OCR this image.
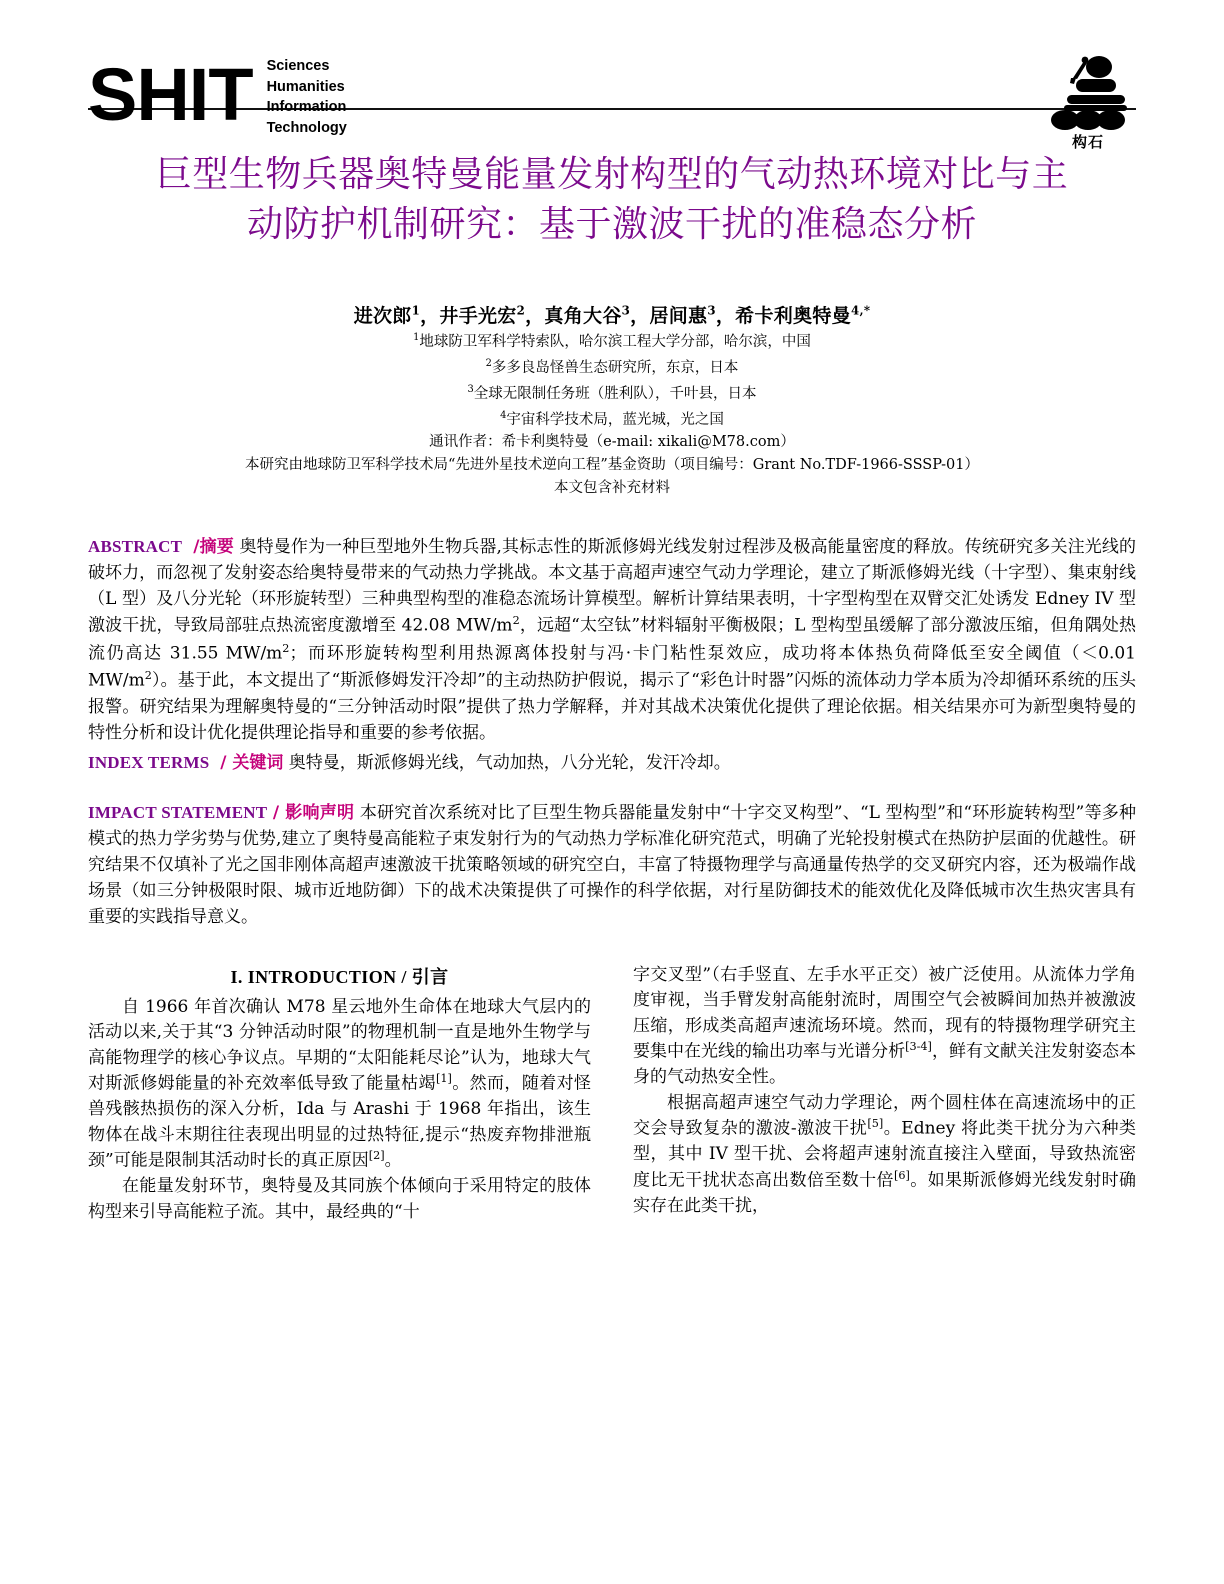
SHIT Sciences
Humanities
Information
Technology
构石
巨型生物兵器奥特曼能量发射构型的气动热环境对比与主动防护机制研究：基于激波干扰的准稳态分析
进次郎$^1$，井手光宏$^2$，真角大谷$^3$，居间惠$^3$，希卡利奥特曼$^{4,*}$
$^1$地球防卫军科学特索队，哈尔滨工程大学分部，哈尔滨，中国
$^2$多多良岛怪兽生态研究所，东京，日本
$^3$全球无限制任务班（胜利队），千叶县，日本
$^4$宇宙科学技术局，蓝光城，光之国
通讯作者：希卡利奥特曼（e-mail: xikali@M78.com）
本研究由地球防卫军科学技术局“先进外星技术逆向工程”基金资助（项目编号：Grant No.TDF-1966-SSSP-01）
本文包含补充材料

ABSTRACT /摘要 奥特曼作为一种巨型地外生物兵器,其标志性的斯派修姆光线发射过程涉及极高能量密度的释放。传统研究多关注光线的破坏力，而忽视了发射姿态给奥特曼带来的气动热力学挑战。本文基于高超声速空气动力学理论，建立了斯派修姆光线（十字型）、集束射线（L 型）及八分光轮（环形旋转型）三种典型构型的准稳态流场计算模型。解析计算结果表明，十字型构型在双臂交汇处诱发 Edney IV 型激波干扰，导致局部驻点热流密度激增至 42.08 $MW/m^2$，远超“太空钛”材料辐射平衡极限；L 型构型虽缓解了部分激波压缩，但角隅处热流仍高达 31.55 $MW/m^2$；而环形旋转构型利用热源离体投射与冯·卡门粘性泵效应，成功将本体热负荷降低至安全阈值（＜0.01 $MW/m^2$）。基于此，本文提出了“斯派修姆发汗冷却”的主动热防护假说，揭示了“彩色计时器”闪烁的流体动力学本质为冷却循环系统的压头报警。研究结果为理解奥特曼的“三分钟活动时限”提供了热力学解释，并对其战术决策优化提供了理论依据。相关结果亦可为新型奥特曼的特性分析和设计优化提供理论指导和重要的参考依据。

INDEX TERMS / 关键词 奥特曼，斯派修姆光线，气动加热，八分光轮，发汗冷却。

IMPACT STATEMENT / 影响声明 本研究首次系统对比了巨型生物兵器能量发射中“十字交叉构型”、“L 型构型”和“环形旋转构型”等多种模式的热力学劣势与优势,建立了奥特曼高能粒子束发射行为的气动热力学标准化研究范式，明确了光轮投射模式在热防护层面的优越性。研究结果不仅填补了光之国非刚体高超声速激波干扰策略领域的研究空白，丰富了特摄物理学与高通量传热学的交叉研究内容，还为极端作战场景（如三分钟极限时限、城市近地防御）下的战术决策提供了可操作的科学依据，对行星防御技术的能效优化及降低城市次生热灾害具有重要的实践指导意义。

I. INTRODUCTION / 引言

自 1966 年首次确认 M78 星云地外生命体在地球大气层内的活动以来,关于其“3 分钟活动时限”的物理机制一直是地外生物学与高能物理学的核心争议点。早期的“太阳能耗尽论”认为，地球大气对斯派修姆能量的补充效率低导致了能量枯竭[1]。然而，随着对怪兽残骸热损伤的深入分析，Ida 与 Arashi 于 1968 年指出，该生物体在战斗末期往往表现出明显的过热特征,提示“热废弃物排泄瓶颈”可能是限制其活动时长的真正原因[2]。

在能量发射环节，奥特曼及其同族个体倾向于采用特定的肢体构型来引导高能粒子流。其中，最经典的“十

字交叉型”（右手竖直、左手水平正交）被广泛使用。从流体力学角度审视，当手臂发射高能射流时，周围空气会被瞬间加热并被激波压缩，形成类高超声速流场环境。然而，现有的特摄物理学研究主要集中在光线的输出功率与光谱分析[3-4]，鲜有文献关注发射姿态本身的气动热安全性。

根据高超声速空气动力学理论，两个圆柱体在高速流场中的正交会导致复杂的激波-激波干扰[5]。Edney 将此类干扰分为六种类型，其中 IV 型干扰、会将超声速射流直接注入壁面，导致热流密度比无干扰状态高出数倍至数十倍[6]。如果斯派修姆光线发射时确实存在此类干扰，
